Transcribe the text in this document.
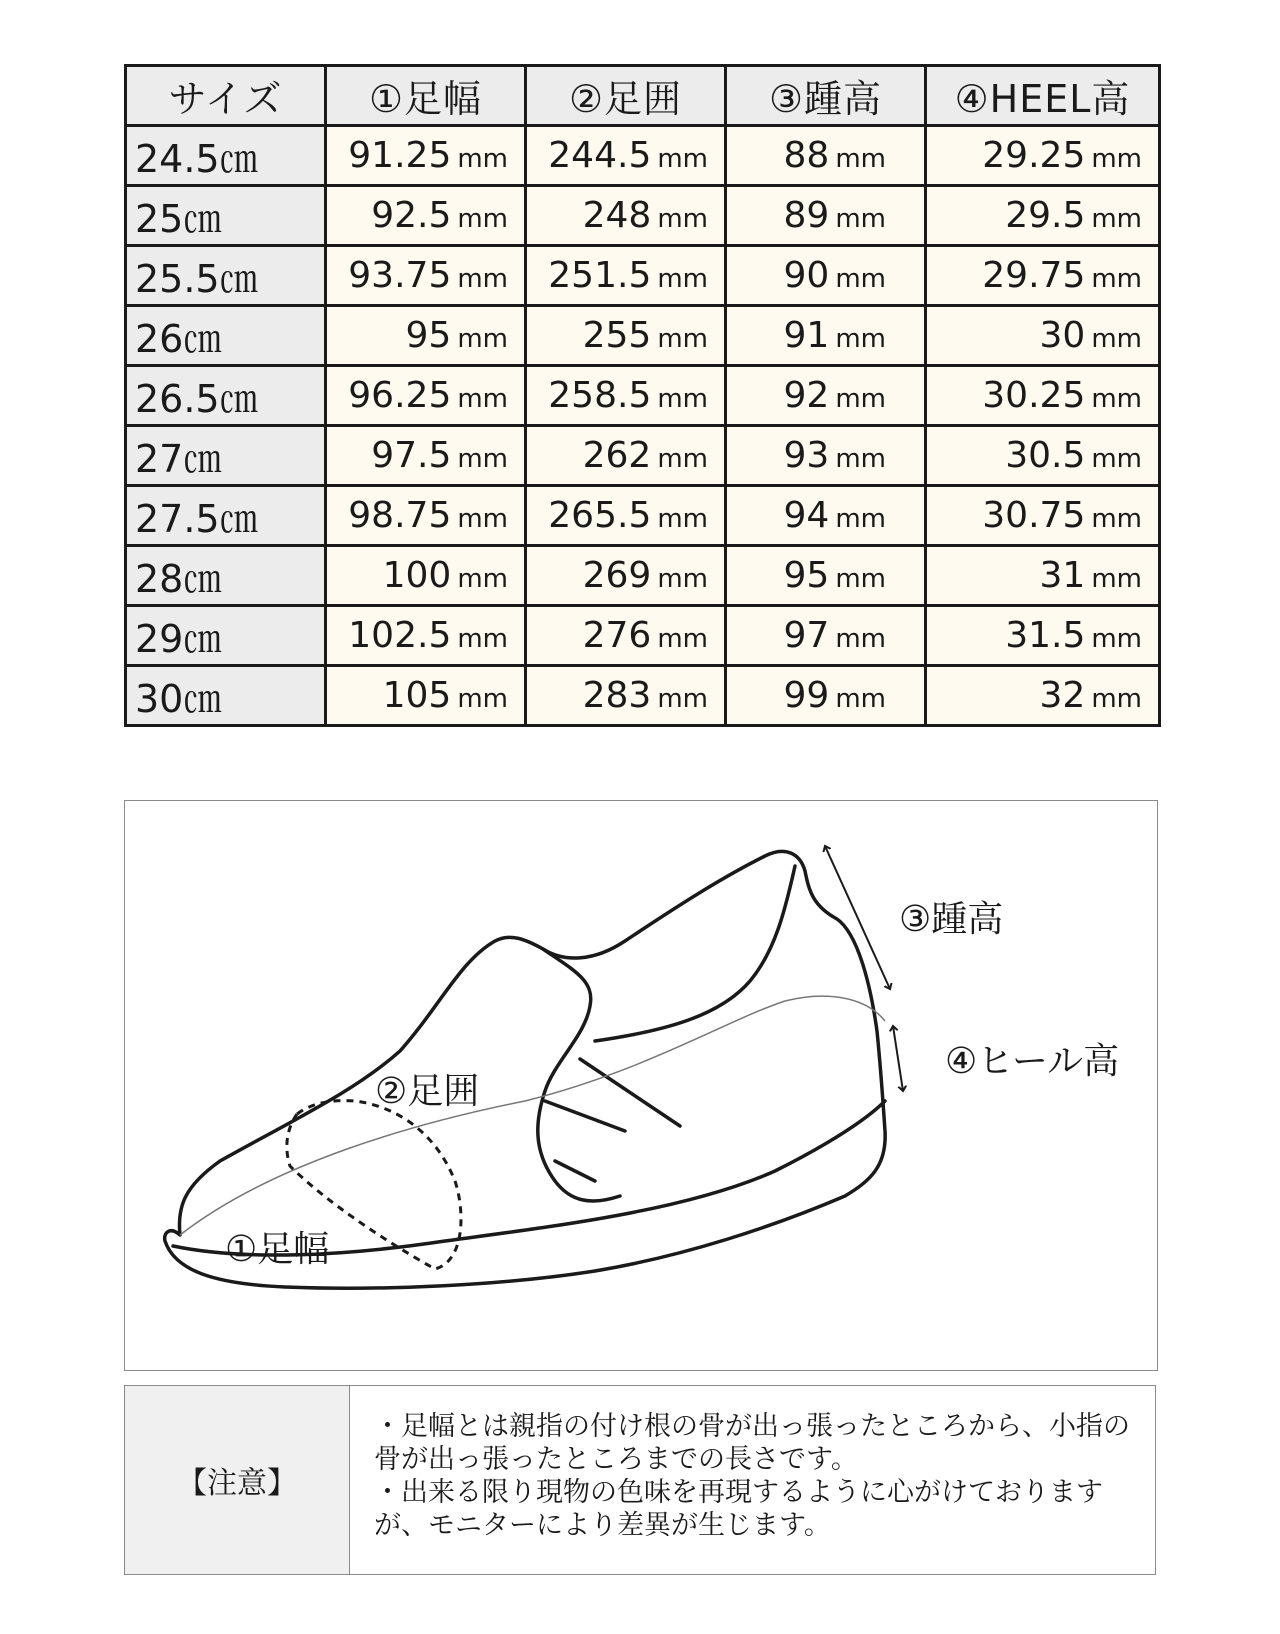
サイズ	①足幅	②足囲	③踵高	④HEEL高
24.5㎝	91.25 mm	244.5 mm	88 mm	29.25 mm
25㎝	92.5 mm	248 mm	89 mm	29.5 mm
25.5㎝	93.75 mm	251.5 mm	90 mm	29.75 mm
26㎝	95 mm	255 mm	91 mm	30 mm
26.5㎝	96.25 mm	258.5 mm	92 mm	30.25 mm
27㎝	97.5 mm	262 mm	93 mm	30.5 mm
27.5㎝	98.75 mm	265.5 mm	94 mm	30.75 mm
28㎝	100 mm	269 mm	95 mm	31 mm
29㎝	102.5 mm	276 mm	97 mm	31.5 mm
30㎝	105 mm	283 mm	99 mm	32 mm
①足幅
②足囲
③踵高
④ヒール高
【注意】
・足幅とは親指の付け根の骨が出っ張ったところから、小指の
骨が出っ張ったところまでの長さです。
・出来る限り現物の色味を再現するように心がけております
が、モニターにより差異が生じます。
